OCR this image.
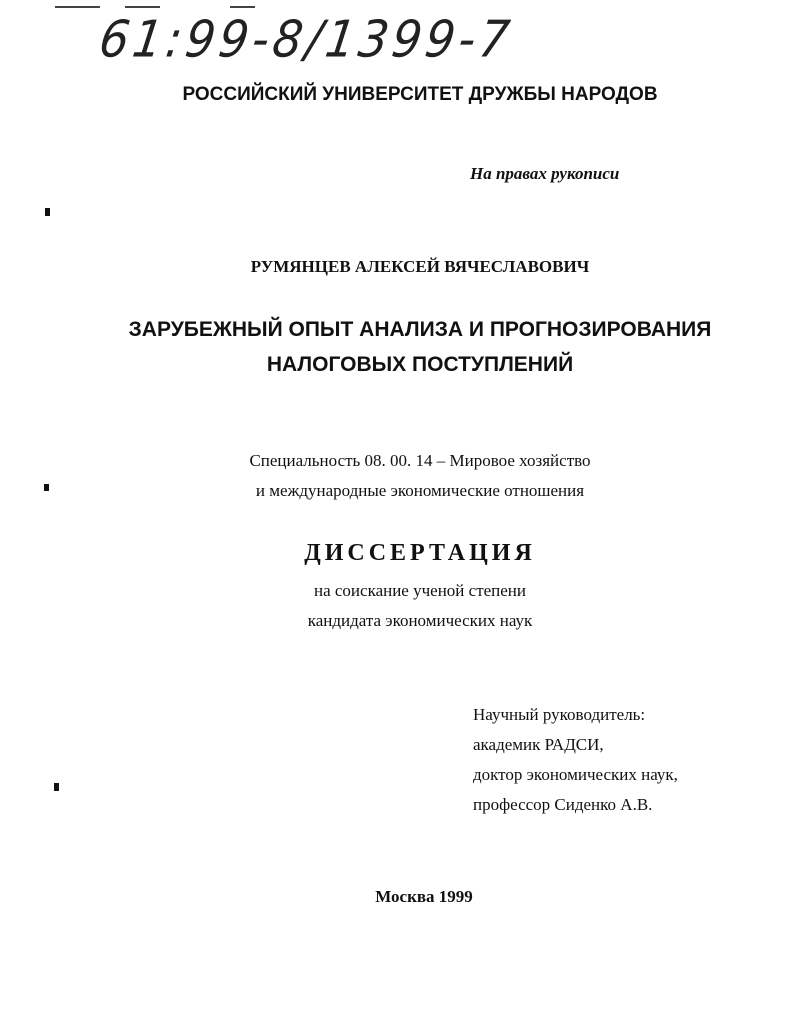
61:99-8/1399-7
РОССИЙСКИЙ УНИВЕРСИТЕТ ДРУЖБЫ НАРОДОВ
На правах рукописи
РУМЯНЦЕВ АЛЕКСЕЙ ВЯЧЕСЛАВОВИЧ
ЗАРУБЕЖНЫЙ ОПЫТ АНАЛИЗА И ПРОГНОЗИРОВАНИЯ
НАЛОГОВЫХ ПОСТУПЛЕНИЙ
Специальность 08. 00. 14 – Мировое хозяйство
и международные экономические отношения
ДИССЕРТАЦИЯ
на соискание ученой степени
кандидата экономических наук
Научный руководитель:
академик РАДСИ,
доктор экономических наук,
профессор Сиденко А.В.
Москва 1999
